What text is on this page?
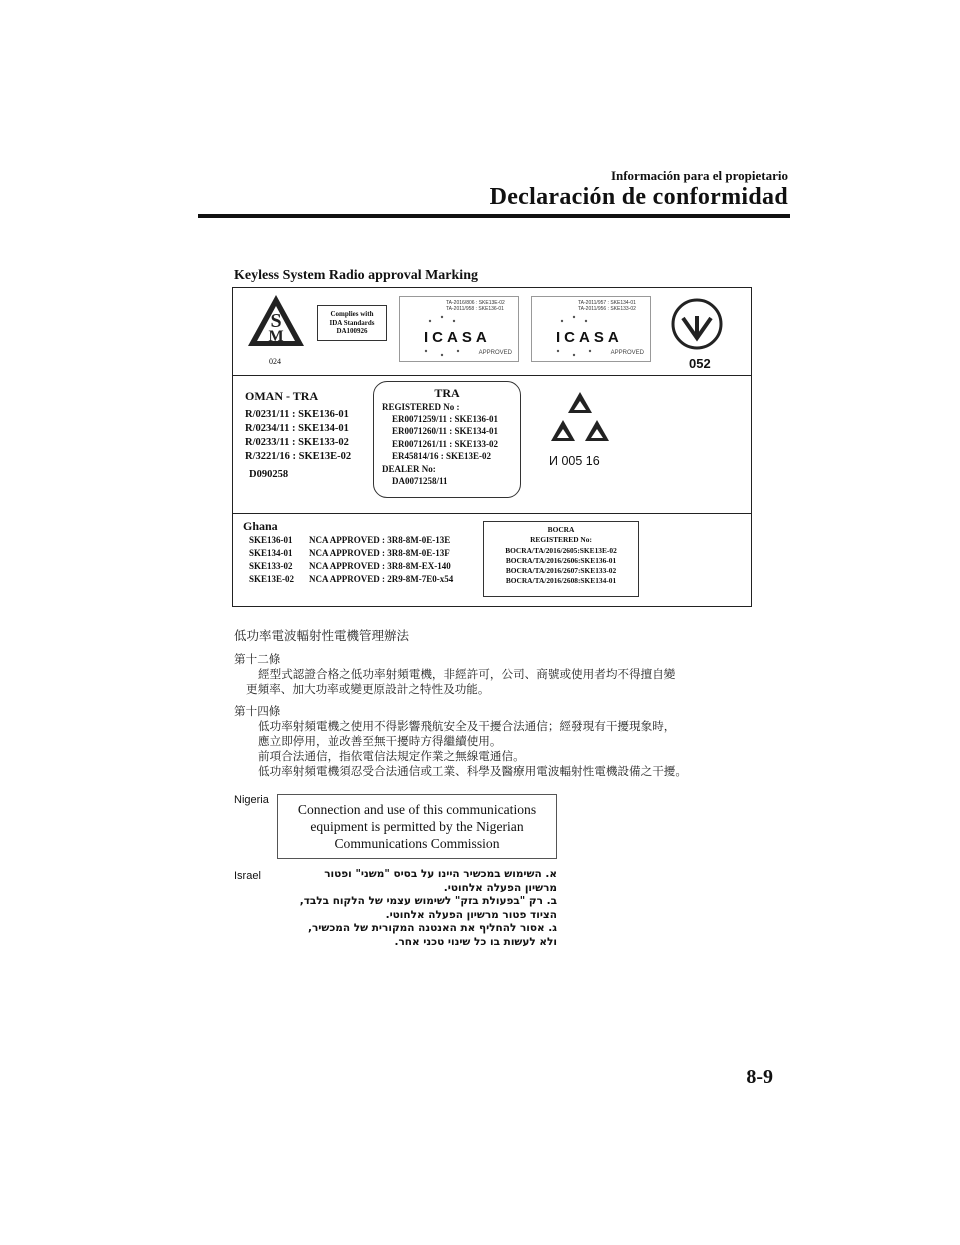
Información para el propietario
Declaración de conformidad
Keyless System Radio approval Marking
S
M
024
Complies with
IDA Standards
DA100926
TA-2016/806 : SKE13E-02
TA-2011/958 : SKE136-01
ICASA
APPROVED
TA-2011/957 : SKE134-01
TA-2011/956 : SKE133-02
ICASA
APPROVED
052
OMAN - TRA
R/0231/11 : SKE136-01
R/0234/11 : SKE134-01
R/0233/11 : SKE133-02
R/3221/16 : SKE13E-02
D090258
TRA
REGISTERED No :
ER0071259/11 : SKE136-01
ER0071260/11 : SKE134-01
ER0071261/11 : SKE133-02
ER45814/16 : SKE13E-02
DEALER No:
DA0071258/11
И 005 16
Ghana
SKE136-01
SKE134-01
SKE133-02
SKE13E-02
NCA APPROVED : 3R8-8M-0E-13E
NCA APPROVED : 3R8-8M-0E-13F
NCA APPROVED : 3R8-8M-EX-140
NCA APPROVED : 2R9-8M-7E0-x54
BOCRA
REGISTERED No:
BOCRA/TA/2016/2605:SKE13E-02
BOCRA/TA/2016/2606:SKE136-01
BOCRA/TA/2016/2607:SKE133-02
BOCRA/TA/2016/2608:SKE134-01
低功率電波輻射性電機管理辦法
第十二條
經型式認證合格之低功率射頻電機，非經許可，公司、商號或使用者均不得擅自變
更頻率、加大功率或變更原設計之特性及功能。
第十四條
低功率射頻電機之使用不得影響飛航安全及干擾合法通信；經發現有干擾現象時，
應立即停用，並改善至無干擾時方得繼續使用。
前項合法通信，指依電信法規定作業之無線電通信。
低功率射頻電機須忍受合法通信或工業、科學及醫療用電波輻射性電機設備之干擾。
Nigeria
Connection and use of this communications
equipment is permitted by the Nigerian
Communications Commission
Israel	א. השימוש במכשיר היינו על בסיס "משני" ופטור
מרשיון הפעלה אלחוטי.
ב. רק "בפעולת בזק" לשימוש עצמי של הלקוח בלבד,
הציוד פטור מרשיון הפעלה אלחוטי.
ג. אסור להחליף את האנטנה המקורית של המכשיר,
ולא לעשות בו כל שינוי טכני אחר.
8-9
